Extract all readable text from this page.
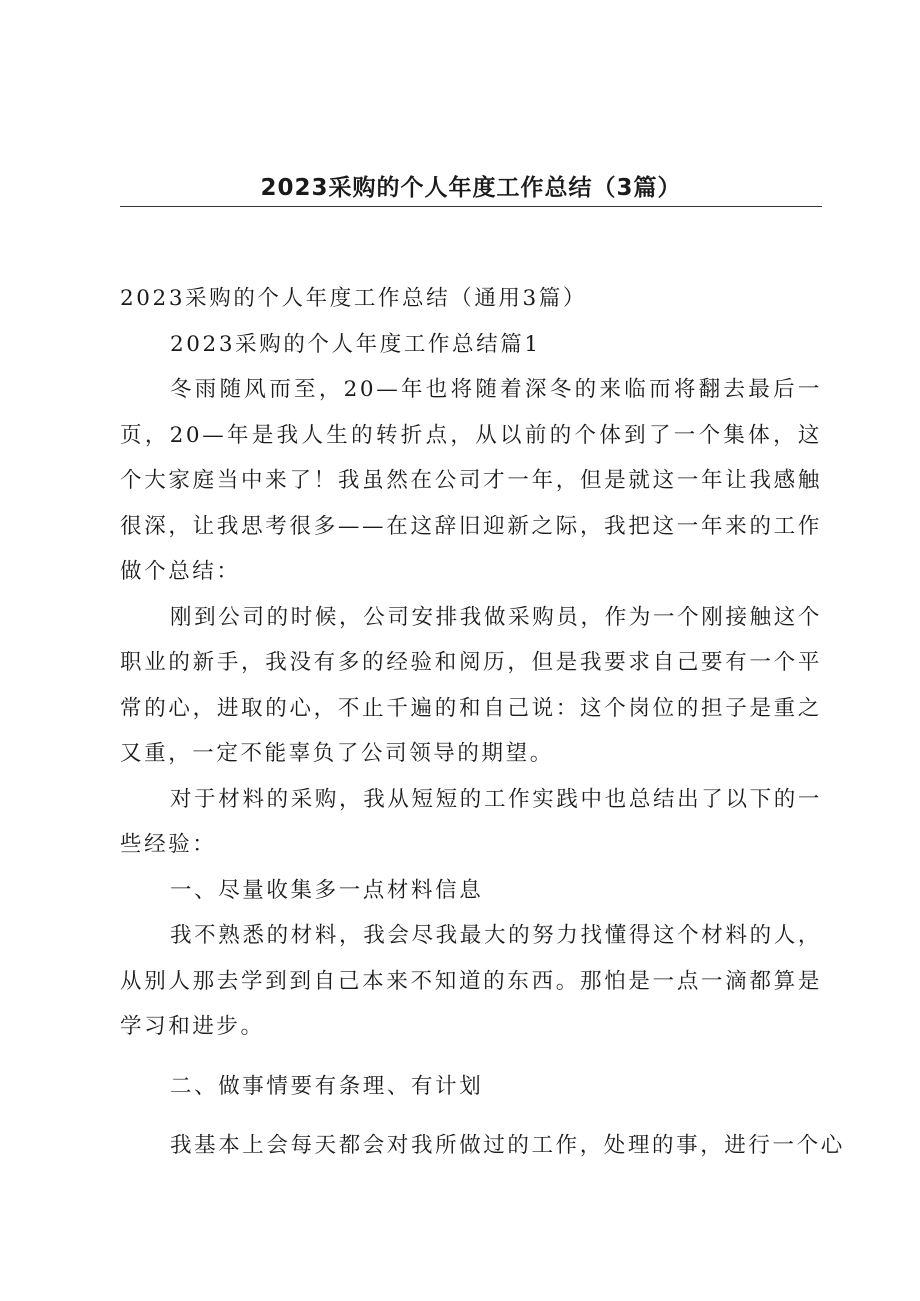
2023采购的个人年度工作总结（3篇）

2023采购的个人年度工作总结（通用3篇）

2023采购的个人年度工作总结篇1

冬雨随风而至，20—年也将随着深冬的来临而将翻去最后一页，20—年是我人生的转折点，从以前的个体到了一个集体，这个大家庭当中来了！我虽然在公司才一年，但是就这一年让我感触很深，让我思考很多——在这辞旧迎新之际，我把这一年来的工作做个总结：

刚到公司的时候，公司安排我做采购员，作为一个刚接触这个职业的新手，我没有多的经验和阅历，但是我要求自己要有一个平常的心，进取的心，不止千遍的和自己说：这个岗位的担子是重之又重，一定不能辜负了公司领导的期望。

对于材料的采购，我从短短的工作实践中也总结出了以下的一些经验：

一、尽量收集多一点材料信息

我不熟悉的材料，我会尽我最大的努力找懂得这个材料的人，从别人那去学到到自己本来不知道的东西。那怕是一点一滴都算是学习和进步。

二、做事情要有条理、有计划

我基本上会每天都会对我所做过的工作，处理的事，进行一个心
